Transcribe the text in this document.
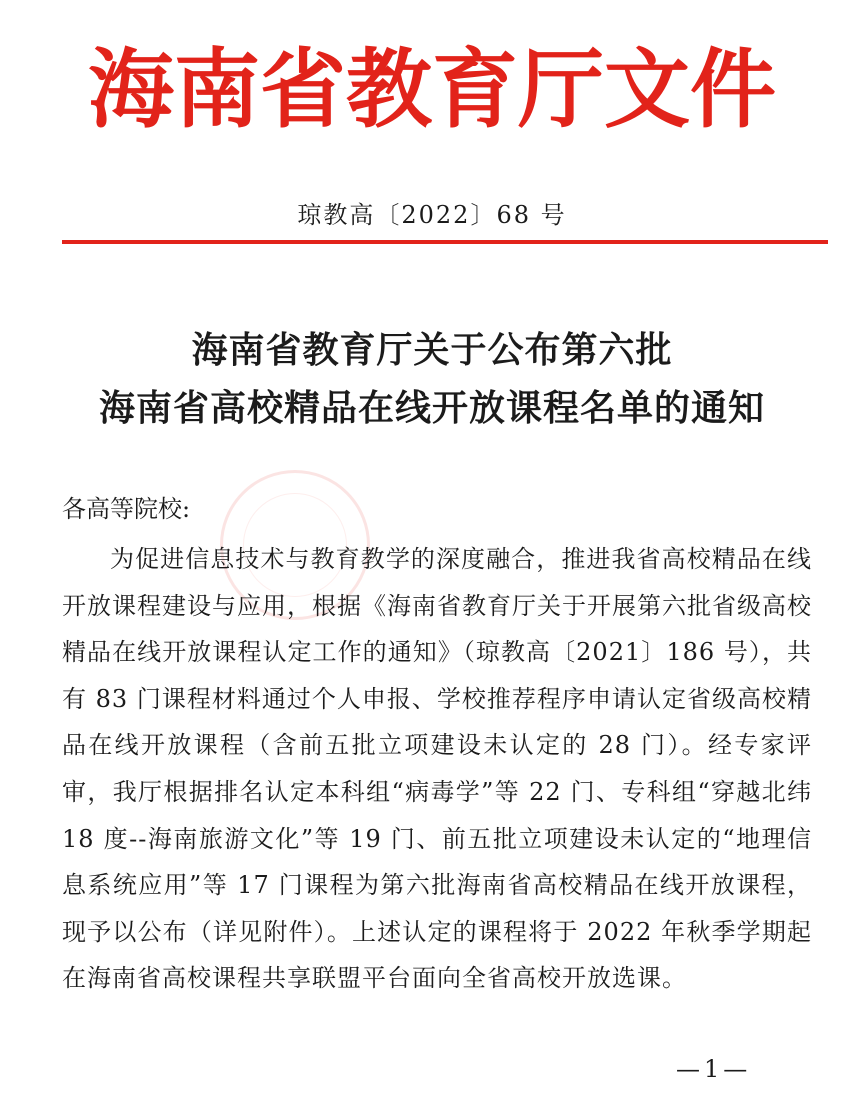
海南省教育厅文件
琼教高〔2022〕68 号
海南省教育厅关于公布第六批
海南省高校精品在线开放课程名单的通知
各高等院校:

为促进信息技术与教育教学的深度融合，推进我省高校精品在线开放课程建设与应用，根据《海南省教育厅关于开展第六批省级高校精品在线开放课程认定工作的通知》（琼教高〔2021〕186 号），共有 83 门课程材料通过个人申报、学校推荐程序申请认定省级高校精品在线开放课程（含前五批立项建设未认定的 28 门）。经专家评审，我厅根据排名认定本科组“病毒学”等 22 门、专科组“穿越北纬 18 度--海南旅游文化”等 19 门、前五批立项建设未认定的“地理信息系统应用”等 17 门课程为第六批海南省高校精品在线开放课程，现予以公布（详见附件）。上述认定的课程将于 2022 年秋季学期起在海南省高校课程共享联盟平台面向全省高校开放选课。

—1—
